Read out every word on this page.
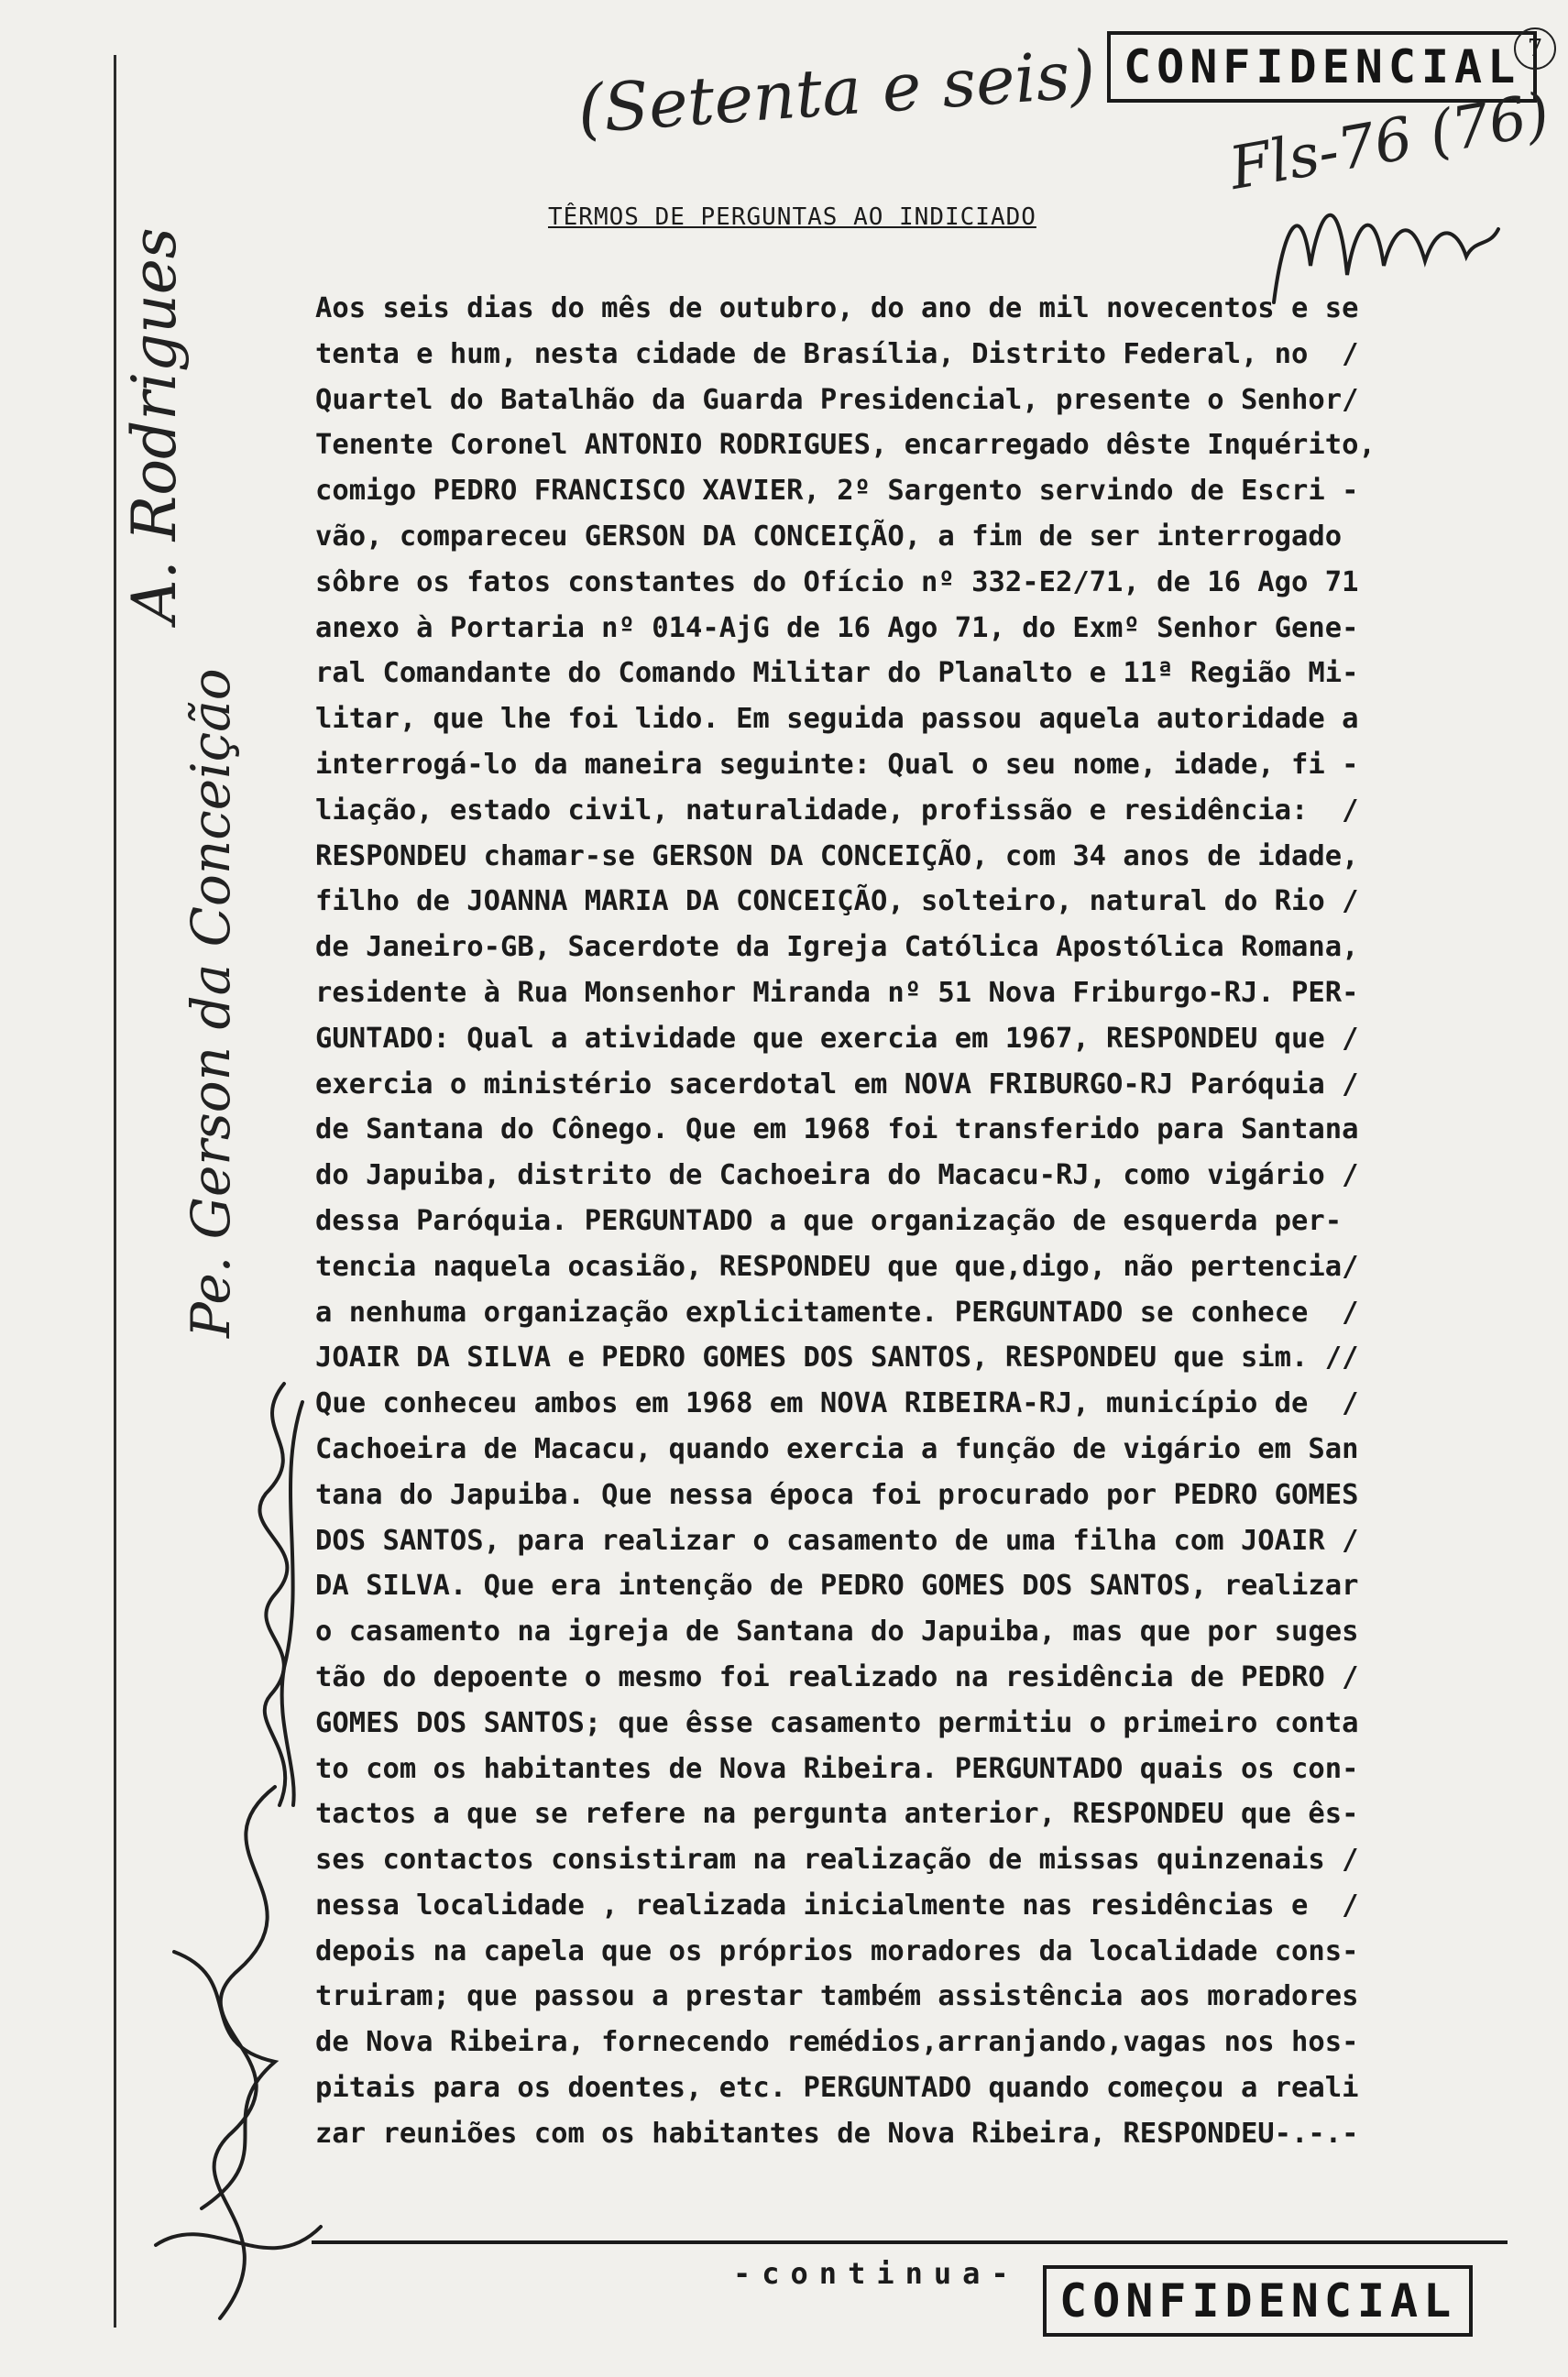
(Setenta e seis) CONFIDENCIAL 7
Fls-76 (76)
A. Rodrigues
Pe. Gerson da Conceição
TÊRMOS DE PERGUNTAS AO INDICIADO
Aos seis dias do mês de outubro, do ano de mil novecentos e se
tenta e hum, nesta cidade de Brasília, Distrito Federal, no  /
Quartel do Batalhão da Guarda Presidencial, presente o Senhor/
Tenente Coronel ANTONIO RODRIGUES, encarregado dêste Inquérito,
comigo PEDRO FRANCISCO XAVIER, 2º Sargento servindo de Escri -
vão, compareceu GERSON DA CONCEIÇÃO, a fim de ser interrogado
sôbre os fatos constantes do Ofício nº 332-E2/71, de 16 Ago 71
anexo à Portaria nº 014-AjG de 16 Ago 71, do Exmº Senhor Gene-
ral Comandante do Comando Militar do Planalto e 11ª Região Mi-
litar, que lhe foi lido. Em seguida passou aquela autoridade a
interrogá-lo da maneira seguinte: Qual o seu nome, idade, fi -
liação, estado civil, naturalidade, profissão e residência:  /
RESPONDEU chamar-se GERSON DA CONCEIÇÃO, com 34 anos de idade,
filho de JOANNA MARIA DA CONCEIÇÃO, solteiro, natural do Rio /
de Janeiro-GB, Sacerdote da Igreja Católica Apostólica Romana,
residente à Rua Monsenhor Miranda nº 51 Nova Friburgo-RJ. PER-
GUNTADO: Qual a atividade que exercia em 1967, RESPONDEU que /
exercia o ministério sacerdotal em NOVA FRIBURGO-RJ Paróquia /
de Santana do Cônego. Que em 1968 foi transferido para Santana
do Japuiba, distrito de Cachoeira do Macacu-RJ, como vigário /
dessa Paróquia. PERGUNTADO a que organização de esquerda per-
tencia naquela ocasião, RESPONDEU que que,digo, não pertencia/
a nenhuma organização explicitamente. PERGUNTADO se conhece  /
JOAIR DA SILVA e PEDRO GOMES DOS SANTOS, RESPONDEU que sim. //
Que conheceu ambos em 1968 em NOVA RIBEIRA-RJ, município de  /
Cachoeira de Macacu, quando exercia a função de vigário em San
tana do Japuiba. Que nessa época foi procurado por PEDRO GOMES
DOS SANTOS, para realizar o casamento de uma filha com JOAIR /
DA SILVA. Que era intenção de PEDRO GOMES DOS SANTOS, realizar
o casamento na igreja de Santana do Japuiba, mas que por suges
tão do depoente o mesmo foi realizado na residência de PEDRO /
GOMES DOS SANTOS; que êsse casamento permitiu o primeiro conta
to com os habitantes de Nova Ribeira. PERGUNTADO quais os con-
tactos a que se refere na pergunta anterior, RESPONDEU que ês-
ses contactos consistiram na realização de missas quinzenais /
nessa localidade , realizada inicialmente nas residências e  /
depois na capela que os próprios moradores da localidade cons-
truiram; que passou a prestar também assistência aos moradores
de Nova Ribeira, fornecendo remédios,arranjando,vagas nos hos-
pitais para os doentes, etc. PERGUNTADO quando começou a reali
zar reuniões com os habitantes de Nova Ribeira, RESPONDEU-.-.-
-continua-
CONFIDENCIAL
